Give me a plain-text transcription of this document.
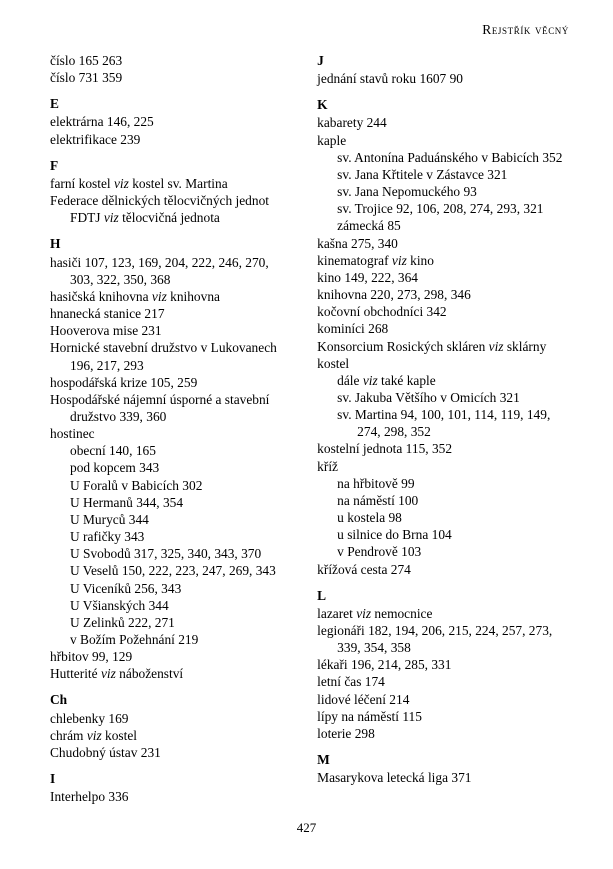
Rejstřík věcný
číslo 165 263
číslo 731 359
E
elektrárna 146, 225
elektrifikace 239
F
farní kostel viz kostel sv. Martina
Federace dělnických tělocvičných jednot FDTJ viz tělocvičná jednota
H
hasiči 107, 123, 169, 204, 222, 246, 270, 303, 322, 350, 368
hasičská knihovna viz knihovna
hnanecká stanice 217
Hooverova mise 231
Hornické stavební družstvo v Lukovanech 196, 217, 293
hospodářská krize 105, 259
Hospodářské nájemní úsporné a stavební družstvo 339, 360
hostinec
obecní 140, 165
pod kopcem 343
U Foralů v Babicích 302
U Hermanů 344, 354
U Muryců 344
U rafičky 343
U Svobodů 317, 325, 340, 343, 370
U Veselů 150, 222, 223, 247, 269, 343
U Viceníků 256, 343
U Všianských 344
U Zelinků 222, 271
v Božím Požehnání 219
hřbitov 99, 129
Hutterité viz náboženství
Ch
chlebenky 169
chrám viz kostel
Chudobný ústav 231
I
Interhelpo 336
J
jednání stavů roku 1607 90
K
kabarety 244
kaple
sv. Antonína Paduánského v Babicích 352
sv. Jana Křtitele v Zástavce 321
sv. Jana Nepomuckého 93
sv. Trojice 92, 106, 208, 274, 293, 321
zámecká 85
kašna 275, 340
kinematograf viz kino
kino 149, 222, 364
knihovna 220, 273, 298, 346
kočovní obchodníci 342
kominíci 268
Konsorcium Rosických skláren viz sklárny
kostel
dále viz také kaple
sv. Jakuba Většího v Omicích 321
sv. Martina 94, 100, 101, 114, 119, 149, 274, 298, 352
kostelní jednota 115, 352
kříž
na hřbitově 99
na náměstí 100
u kostela 98
u silnice do Brna 104
v Pendrově 103
křížová cesta 274
L
lazaret viz nemocnice
legionáři 182, 194, 206, 215, 224, 257, 273, 339, 354, 358
lékaři 196, 214, 285, 331
letní čas 174
lidové léčení 214
lípy na náměstí 115
loterie 298
M
Masarykova letecká liga 371
427
